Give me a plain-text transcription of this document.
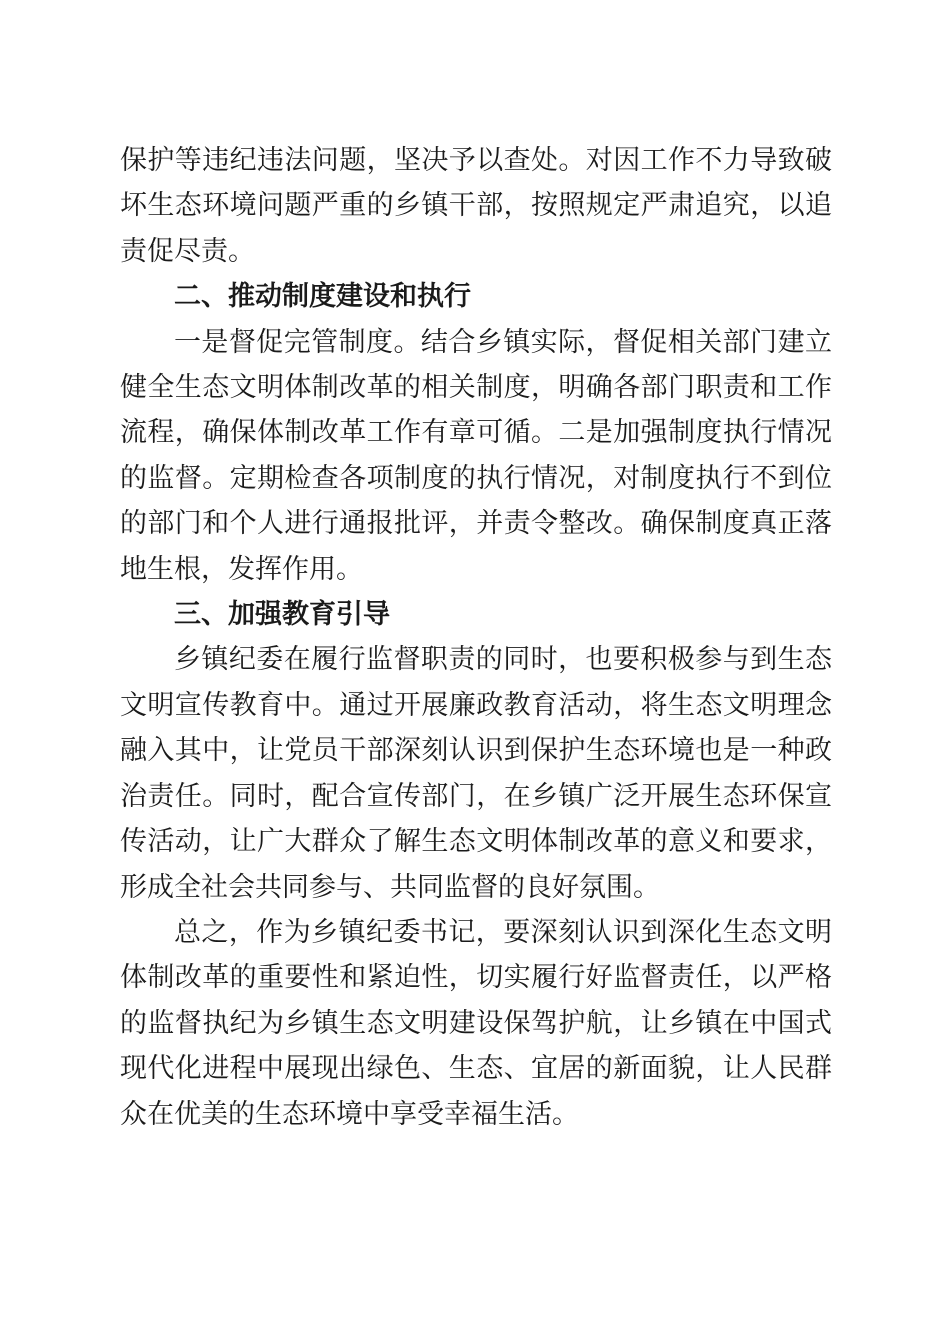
保护等违纪违法问题，坚决予以查处。对因工作不力导致破坏生态环境问题严重的乡镇干部，按照规定严肃追究，以追责促尽责。

二、推动制度建设和执行

一是督促完管制度。结合乡镇实际，督促相关部门建立健全生态文明体制改革的相关制度，明确各部门职责和工作流程，确保体制改革工作有章可循。二是加强制度执行情况的监督。定期检查各项制度的执行情况，对制度执行不到位的部门和个人进行通报批评，并责令整改。确保制度真正落地生根，发挥作用。

三、加强教育引导

乡镇纪委在履行监督职责的同时，也要积极参与到生态文明宣传教育中。通过开展廉政教育活动，将生态文明理念融入其中，让党员干部深刻认识到保护生态环境也是一种政治责任。同时，配合宣传部门，在乡镇广泛开展生态环保宣传活动，让广大群众了解生态文明体制改革的意义和要求，形成全社会共同参与、共同监督的良好氛围。

总之，作为乡镇纪委书记，要深刻认识到深化生态文明体制改革的重要性和紧迫性，切实履行好监督责任，以严格的监督执纪为乡镇生态文明建设保驾护航，让乡镇在中国式现代化进程中展现出绿色、生态、宜居的新面貌，让人民群众在优美的生态环境中享受幸福生活。
